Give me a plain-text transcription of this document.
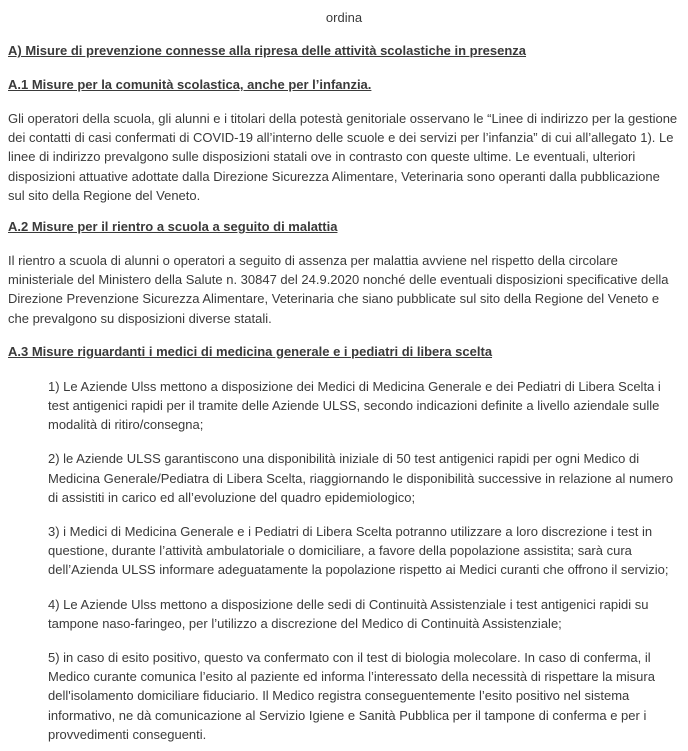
ordina

A) Misure di prevenzione connesse alla ripresa delle attività scolastiche in presenza

A.1 Misure per la comunità scolastica, anche per l’infanzia.

Gli operatori della scuola, gli alunni e i titolari della potestà genitoriale osservano le “Linee di indirizzo per la gestione dei contatti di casi confermati di COVID-19 all’interno delle scuole e dei servizi per l’infanzia” di cui all’allegato 1). Le linee di indirizzo prevalgono sulle disposizioni statali ove in contrasto con queste ultime. Le eventuali, ulteriori disposizioni attuative adottate dalla Direzione Sicurezza Alimentare, Veterinaria sono operanti dalla pubblicazione sul sito della Regione del Veneto.

A.2 Misure per il rientro a scuola a seguito di malattia

Il rientro a scuola di alunni o operatori a seguito di assenza per malattia avviene nel rispetto della circolare ministeriale del Ministero della Salute n. 30847 del 24.9.2020 nonché delle eventuali disposizioni specificative della Direzione Prevenzione Sicurezza Alimentare, Veterinaria che siano pubblicate sul sito della Regione del Veneto e che prevalgono su disposizioni diverse statali.

A.3 Misure riguardanti i medici di medicina generale e i pediatri di libera scelta

1) Le Aziende Ulss mettono a disposizione dei Medici di Medicina Generale e dei Pediatri di Libera Scelta i test antigenici rapidi per il tramite delle Aziende ULSS, secondo indicazioni definite a livello aziendale sulle modalità di ritiro/consegna;

2) le Aziende ULSS garantiscono una disponibilità iniziale di 50 test antigenici rapidi per ogni Medico di Medicina Generale/Pediatra di Libera Scelta, riaggiornando le disponibilità successive in relazione al numero di assistiti in carico ed all’evoluzione del quadro epidemiologico;

3) i Medici di Medicina Generale e i Pediatri di Libera Scelta potranno utilizzare a loro discrezione i test in questione, durante l’attività ambulatoriale o domiciliare, a favore della popolazione assistita; sarà cura dell’Azienda ULSS informare adeguatamente la popolazione rispetto ai Medici curanti che offrono il servizio;

4) Le Aziende Ulss mettono a disposizione delle sedi di Continuità Assistenziale i test antigenici rapidi su tampone naso-faringeo, per l’utilizzo a discrezione del Medico di Continuità Assistenziale;

5) in caso di esito positivo, questo va confermato con il test di biologia molecolare. In caso di conferma, il Medico curante comunica l’esito al paziente ed informa l’interessato della necessità di rispettare la misura dell'isolamento domiciliare fiduciario. Il Medico registra conseguentemente l’esito positivo nel sistema informativo, ne dà comunicazione al Servizio Igiene e Sanità Pubblica per il tampone di conferma e per i provvedimenti conseguenti.
